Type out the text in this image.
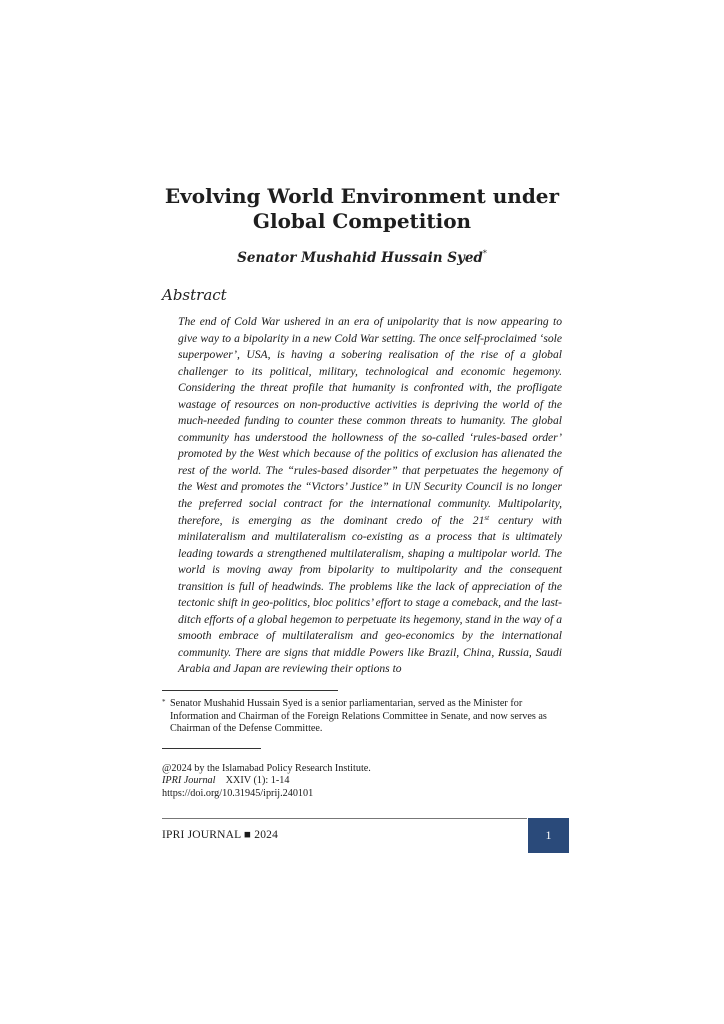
Evolving World Environment under Global Competition
Senator Mushahid Hussain Syed*
Abstract

The end of Cold War ushered in an era of unipolarity that is now appearing to give way to a bipolarity in a new Cold War setting. The once self-proclaimed ‘sole superpower’, USA, is having a sobering realisation of the rise of a global challenger to its political, military, technological and economic hegemony. Considering the threat profile that humanity is confronted with, the profligate wastage of resources on non-productive activities is depriving the world of the much-needed funding to counter these common threats to humanity. The global community has understood the hollowness of the so-called ‘rules-based order’ promoted by the West which because of the politics of exclusion has alienated the rest of the world. The “rules-based disorder” that perpetuates the hegemony of the West and promotes the “Victors’ Justice” in UN Security Council is no longer the preferred social contract for the international community. Multipolarity, therefore, is emerging as the dominant credo of the 21st century with minilateralism and multilateralism co-existing as a process that is ultimately leading towards a strengthened multilateralism, shaping a multipolar world. The world is moving away from bipolarity to multipolarity and the consequent transition is full of headwinds. The problems like the lack of appreciation of the tectonic shift in geo-politics, bloc politics’ effort to stage a comeback, and the last-ditch efforts of a global hegemon to perpetuate its hegemony, stand in the way of a smooth embrace of multilateralism and geo-economics by the international community. There are signs that middle Powers like Brazil, China, Russia, Saudi Arabia and Japan are reviewing their options to

* Senator Mushahid Hussain Syed is a senior parliamentarian, served as the Minister for Information and Chairman of the Foreign Relations Committee in Senate, and now serves as Chairman of the Defense Committee.

@2024 by the Islamabad Policy Research Institute.
IPRI Journal XXIV (1): 1-14
https://doi.org/10.31945/iprij.240101
IPRI JOURNAL ■ 2024	1
